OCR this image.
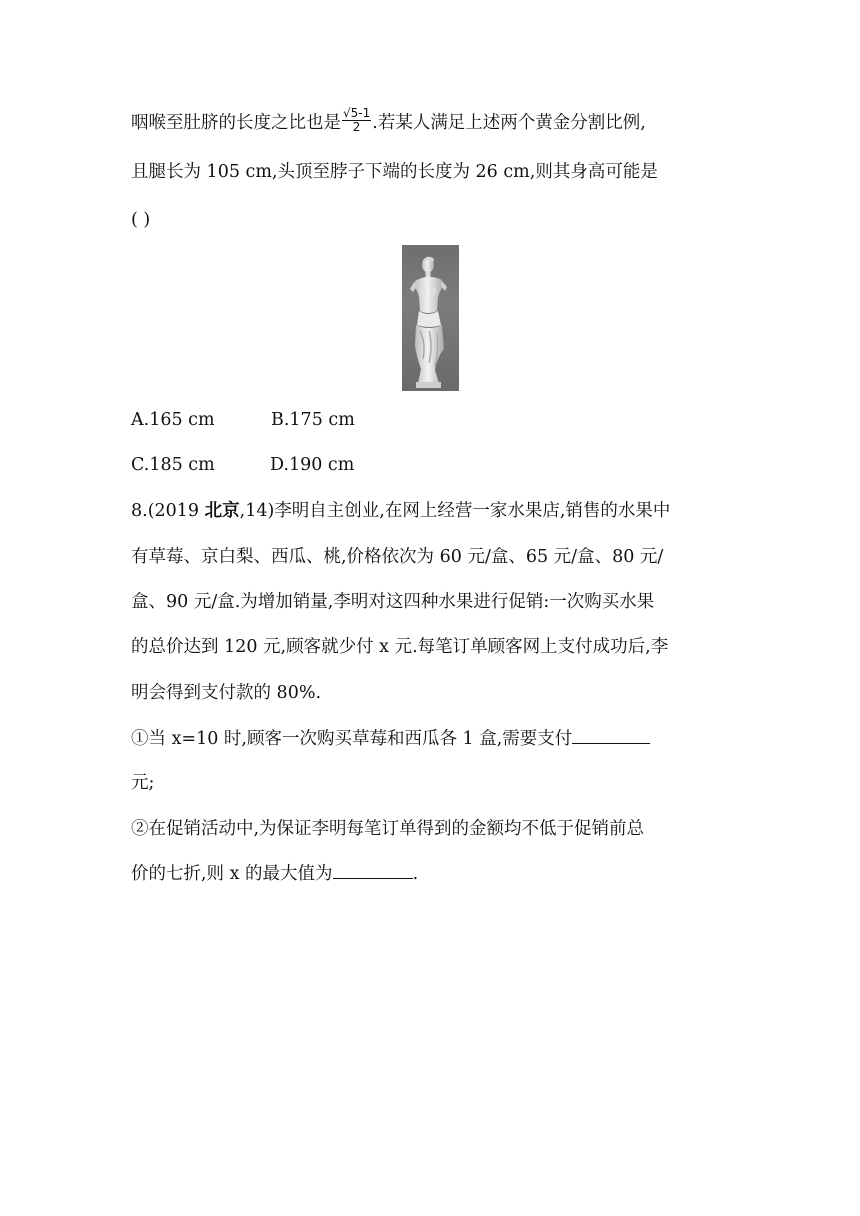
咽喉至肚脐的长度之比也是 $\frac{√5-1}{2}$ .若某人满足上述两个黄金分割比例,
且腿长为 105 cm,头顶至脖子下端的长度为 26 cm,则其身高可能是
( )
A.165 cm	B.175 cm
C.185 cm	D.190 cm
8.(2019 北京,14)李明自主创业,在网上经营一家水果店,销售的水果中
有草莓、京白梨、西瓜、桃,价格依次为 60 元/盒、65 元/盒、80 元/
盒、90 元/盒.为增加销量,李明对这四种水果进行促销:一次购买水果
的总价达到 120 元,顾客就少付 x 元.每笔订单顾客网上支付成功后,李
明会得到支付款的 80%.
①当 x=10 时,顾客一次购买草莓和西瓜各 1 盒,需要支付
元;
②在促销活动中,为保证李明每笔订单得到的金额均不低于促销前总
价的七折,则 x 的最大值为	.
